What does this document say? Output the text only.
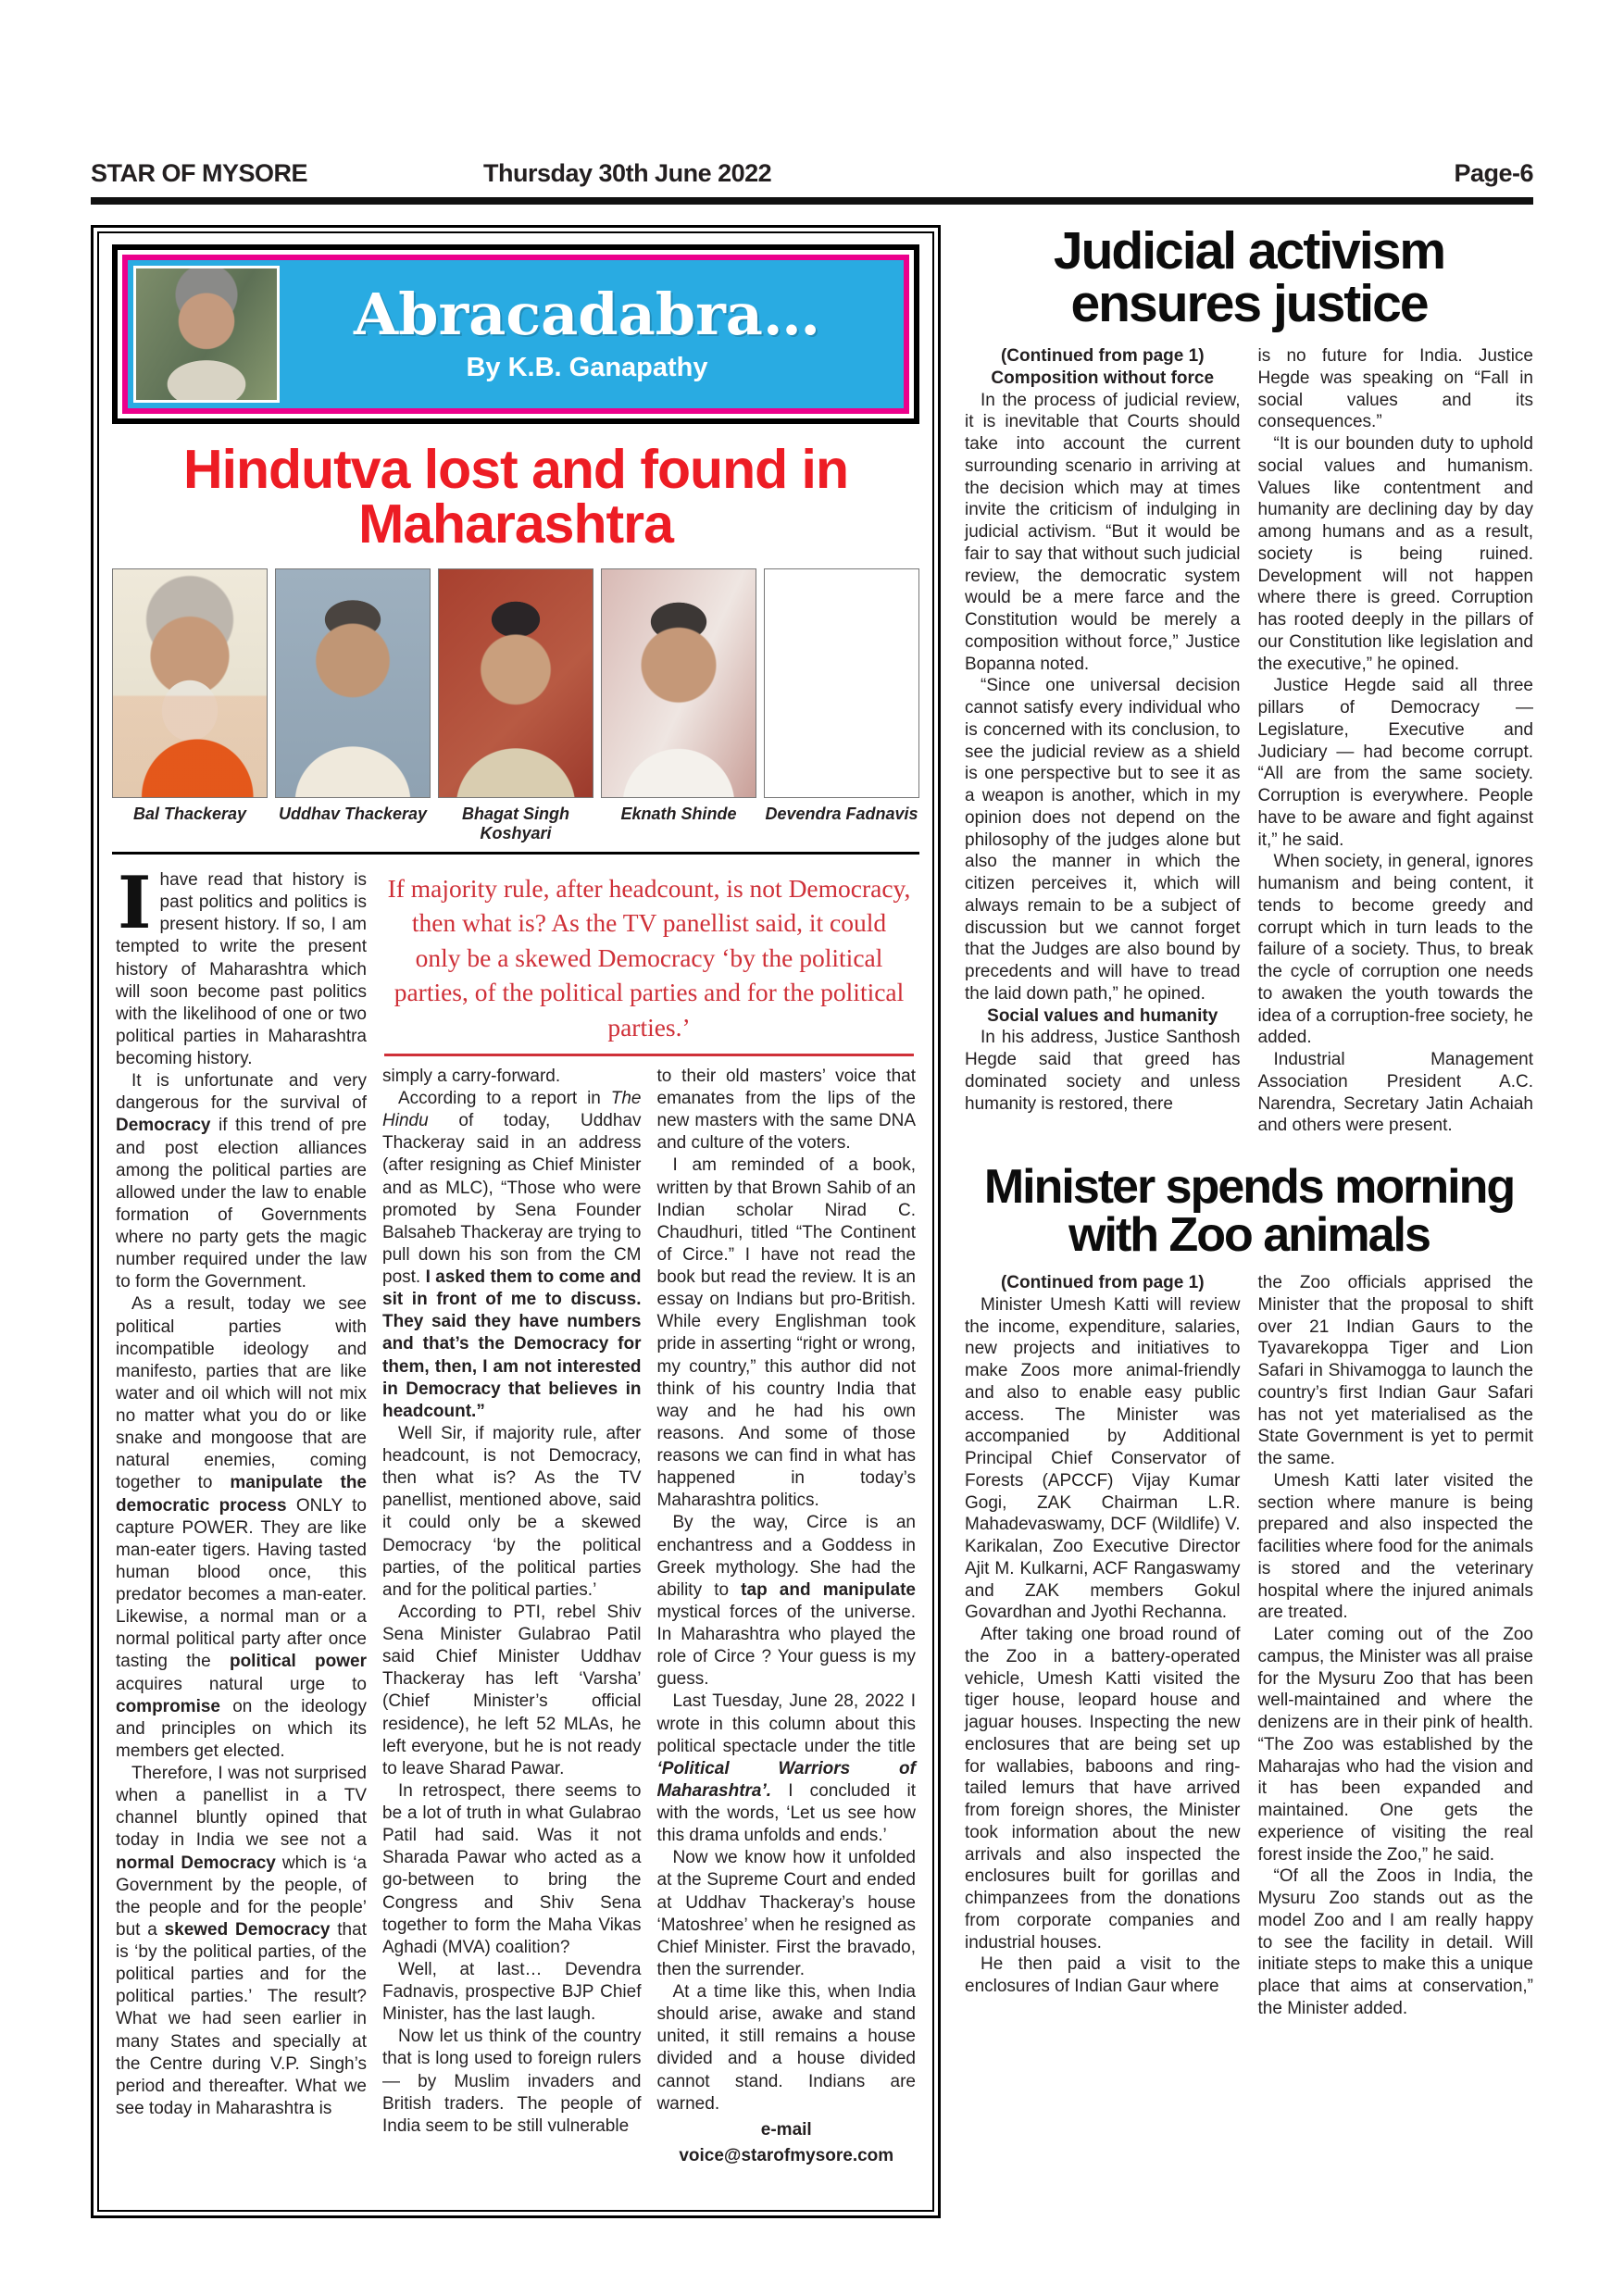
STAR OF MYSORE	Thursday 30th June 2022	Page-6
Abracadabra…
By K.B. Ganapathy
Hindutva lost and found in Maharashtra
Bal Thackeray	Uddhav Thackeray	Bhagat Singh Koshyari
Eknath Shinde	Devendra Fadnavis

Ihave read that history is past politics and politics is present history. If so, I am tempted to write the present history of Maharashtra which will soon become past politics with the likelihood of one or two political parties in Maharashtra becoming history.

It is unfortunate and very dangerous for the survival of Democracy if this trend of pre and post election alliances among the political parties are allowed under the law to enable formation of Governments where no party gets the magic number required under the law to form the Government.

As a result, today we see political parties with incompatible ideology and manifesto, parties that are like water and oil which will not mix no matter what you do or like snake and mongoose that are natural enemies, coming together to manipulate the democratic process ONLY to capture POWER. They are like man-eater tigers. Having tasted human blood once, this predator becomes a man-eater. Likewise, a normal man or a normal political party after once tasting the political power acquires natural urge to compromise on the ideology and principles on which its members get elected.

Therefore, I was not surprised when a panellist in a TV channel bluntly opined that today in India we see not a normal Democracy which is ‘a Government by the people, of the people and for the people’ but a skewed Democracy that is ‘by the political parties, of the political parties and for the political parties.’ The result? What we had seen earlier in many States and specially at the Centre during V.P. Singh’s period and thereafter. What we see today in Maharashtra is

If majority rule, after headcount, is not Democracy, then what is? As the TV panellist said, it could only be a skewed Democracy ‘by the political parties, of the political parties and for the political parties.’

simply a carry-forward.

According to a report in The Hindu of today, Uddhav Thackeray said in an address (after resigning as Chief Minister and as MLC), “Those who were promoted by Sena Founder Balsaheb Thackeray are trying to pull down his son from the CM post. I asked them to come and sit in front of me to discuss. They said they have numbers and that’s the Democracy for them, then, I am not interested in Democracy that believes in headcount.”

Well Sir, if majority rule, after headcount, is not Democracy, then what is? As the TV panellist, mentioned above, said it could only be a skewed Democracy ‘by the political parties, of the political parties and for the political parties.’

According to PTI, rebel Shiv Sena Minister Gulabrao Patil said Chief Minister Uddhav Thackeray has left ‘Varsha’ (Chief Minister’s official residence), he left 52 MLAs, he left everyone, but he is not ready to leave Sharad Pawar.

In retrospect, there seems to be a lot of truth in what Gulabrao Patil had said. Was it not Sharada Pawar who acted as a go-between to bring the Congress and Shiv Sena together to form the Maha Vikas Aghadi (MVA) coalition?

Well, at last… Devendra Fadnavis, prospective BJP Chief Minister, has the last laugh.

Now let us think of the country that is long used to foreign rulers — by Muslim invaders and British traders. The people of India seem to be still vulnerable

to their old masters’ voice that emanates from the lips of the new masters with the same DNA and culture of the voters.

I am reminded of a book, written by that Brown Sahib of an Indian scholar Nirad C. Chaudhuri, titled “The Continent of Circe.” I have not read the book but read the review. It is an essay on Indians but pro-British. While every Englishman took pride in asserting “right or wrong, my country,” this author did not think of his country India that way and he had his own reasons. And some of those reasons we can find in what has happened in today’s Maharashtra politics.

By the way, Circe is an enchantress and a Goddess in Greek mythology. She had the ability to tap and manipulate mystical forces of the universe. In Maharashtra who played the role of Circe ? Your guess is my guess.

Last Tuesday, June 28, 2022 I wrote in this column about this political spectacle under the title ‘Political Warriors of Maharashtra’. I concluded it with the words, ‘Let us see how this drama unfolds and ends.’

Now we know how it unfolded at the Supreme Court and ended at Uddhav Thackeray’s house ‘Matoshree’ when he resigned as Chief Minister. First the bravado, then the surrender.

At a time like this, when India should arise, awake and stand united, it still remains a house divided and a house divided cannot stand. Indians are warned.

e-mail

voice@starofmysore.com

Judicial activism ensures justice

(Continued from page 1)

Composition without force

In the process of judicial review, it is inevitable that Courts should take into account the current surrounding scenario in arriving at the decision which may at times invite the criticism of indulging in judicial activism. “But it would be fair to say that without such judicial review, the democratic system would be a mere farce and the Constitution would be merely a composition without force,” Justice Bopanna noted.

“Since one universal decision cannot satisfy every individual who is concerned with its conclusion, to see the judicial review as a shield is one perspective but to see it as a weapon is another, which in my opinion does not depend on the philosophy of the judges alone but also the manner in which the citizen perceives it, which will always remain to be a subject of discussion but we cannot forget that the Judges are also bound by precedents and will have to tread the laid down path,” he opined.

Social values and humanity

In his address, Justice Santhosh Hegde said that greed has dominated society and unless humanity is restored, there

is no future for India. Justice Hegde was speaking on “Fall in social values and its consequences.”

“It is our bounden duty to uphold social values and humanism. Values like contentment and humanity are declining day by day among humans and as a result, society is being ruined. Development will not happen where there is greed. Corruption has rooted deeply in the pillars of our Constitution like legislation and the executive,” he opined.

Justice Hegde said all three pillars of Democracy — Legislature, Executive and Judiciary — had become corrupt. “All are from the same society. Corruption is everywhere. People have to be aware and fight against it,” he said.

When society, in general, ignores humanism and being content, it tends to become greedy and corrupt which in turn leads to the failure of a society. Thus, to break the cycle of corruption one needs to awaken the youth towards the idea of a corruption-free society, he added.

Industrial Management Association President A.C. Narendra, Secretary Jatin Achaiah and others were present.

Minister spends morning with Zoo animals

(Continued from page 1)

Minister Umesh Katti will review the income, expenditure, salaries, new projects and initiatives to make Zoos more animal-friendly and also to enable easy public access. The Minister was accompanied by Additional Principal Chief Conservator of Forests (APCCF) Vijay Kumar Gogi, ZAK Chairman L.R. Mahadevaswamy, DCF (Wildlife) V. Karikalan, Zoo Executive Director Ajit M. Kulkarni, ACF Rangaswamy and ZAK members Gokul Govardhan and Jyothi Rechanna.

After taking one broad round of the Zoo in a battery-operated vehicle, Umesh Katti visited the tiger house, leopard house and jaguar houses. Inspecting the new enclosures that are being set up for wallabies, baboons and ring-tailed lemurs that have arrived from foreign shores, the Minister took information about the new arrivals and also inspected the enclosures built for gorillas and chimpanzees from the donations from corporate companies and industrial houses.

He then paid a visit to the enclosures of Indian Gaur where

the Zoo officials apprised the Minister that the proposal to shift over 21 Indian Gaurs to the Tyavarekoppa Tiger and Lion Safari in Shivamogga to launch the country’s first Indian Gaur Safari has not yet materialised as the State Government is yet to permit the same.

Umesh Katti later visited the section where manure is being prepared and also inspected the facilities where food for the animals is stored and the veterinary hospital where the injured animals are treated.

Later coming out of the Zoo campus, the Minister was all praise for the Mysuru Zoo that has been well-maintained and where the denizens are in their pink of health. “The Zoo was established by the Maharajas who had the vision and it has been expanded and maintained. One gets the experience of visiting the real forest inside the Zoo,” he said.

“Of all the Zoos in India, the Mysuru Zoo stands out as the model Zoo and I am really happy to see the facility in detail. Will initiate steps to make this a unique place that aims at conservation,” the Minister added.
